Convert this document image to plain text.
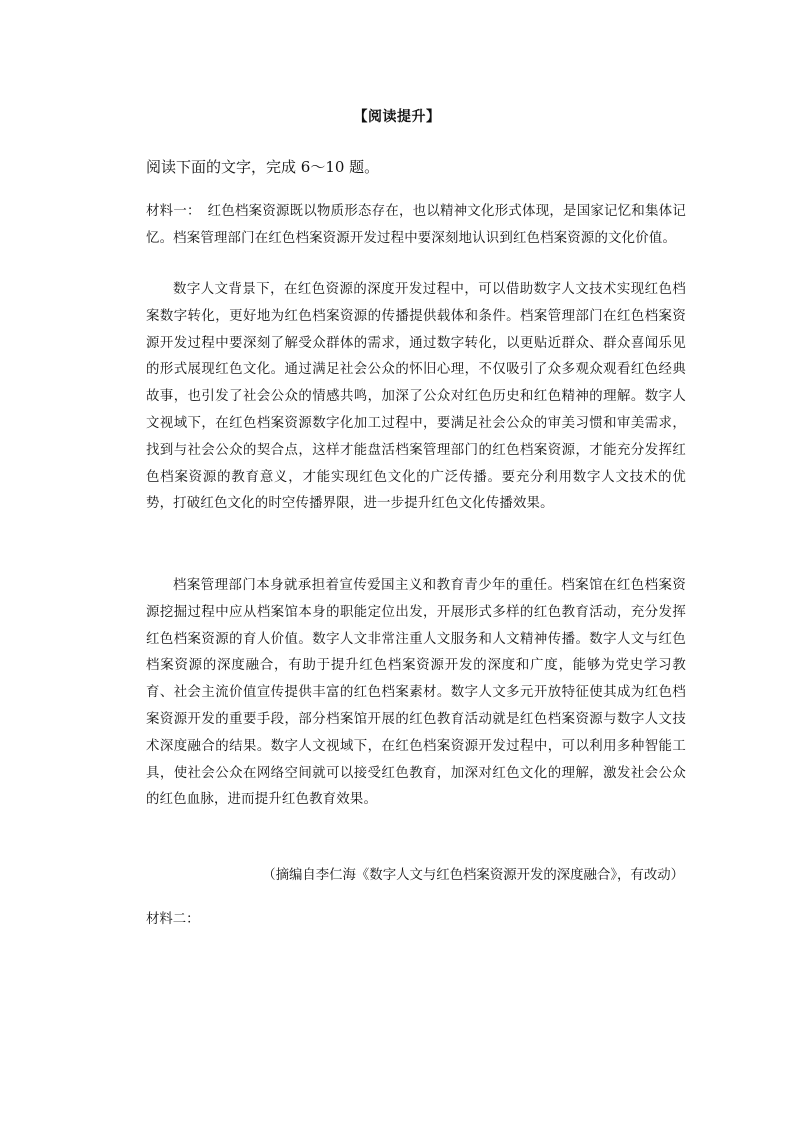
【阅读提升】
阅读下面的文字，完成 6～10 题。

材料一：　红色档案资源既以物质形态存在，也以精神文化形式体现，是国家记忆和集体记忆。档案管理部门在红色档案资源开发过程中要深刻地认识到红色档案资源的文化价值。

数字人文背景下，在红色资源的深度开发过程中，可以借助数字人文技术实现红色档案数字转化，更好地为红色档案资源的传播提供载体和条件。档案管理部门在红色档案资源开发过程中要深刻了解受众群体的需求，通过数字转化，以更贴近群众、群众喜闻乐见的形式展现红色文化。通过满足社会公众的怀旧心理，不仅吸引了众多观众观看红色经典故事，也引发了社会公众的情感共鸣，加深了公众对红色历史和红色精神的理解。数字人文视域下，在红色档案资源数字化加工过程中，要满足社会公众的审美习惯和审美需求，找到与社会公众的契合点，这样才能盘活档案管理部门的红色档案资源，才能充分发挥红色档案资源的教育意义，才能实现红色文化的广泛传播。要充分利用数字人文技术的优势，打破红色文化的时空传播界限，进一步提升红色文化传播效果。

档案管理部门本身就承担着宣传爱国主义和教育青少年的重任。档案馆在红色档案资源挖掘过程中应从档案馆本身的职能定位出发，开展形式多样的红色教育活动，充分发挥红色档案资源的育人价值。数字人文非常注重人文服务和人文精神传播。数字人文与红色档案资源的深度融合，有助于提升红色档案资源开发的深度和广度，能够为党史学习教育、社会主流价值宣传提供丰富的红色档案素材。数字人文多元开放特征使其成为红色档案资源开发的重要手段，部分档案馆开展的红色教育活动就是红色档案资源与数字人文技术深度融合的结果。数字人文视域下，在红色档案资源开发过程中，可以利用多种智能工具，使社会公众在网络空间就可以接受红色教育，加深对红色文化的理解，激发社会公众的红色血脉，进而提升红色教育效果。

（摘编自李仁海《数字人文与红色档案资源开发的深度融合》，有改动）
材料二：
